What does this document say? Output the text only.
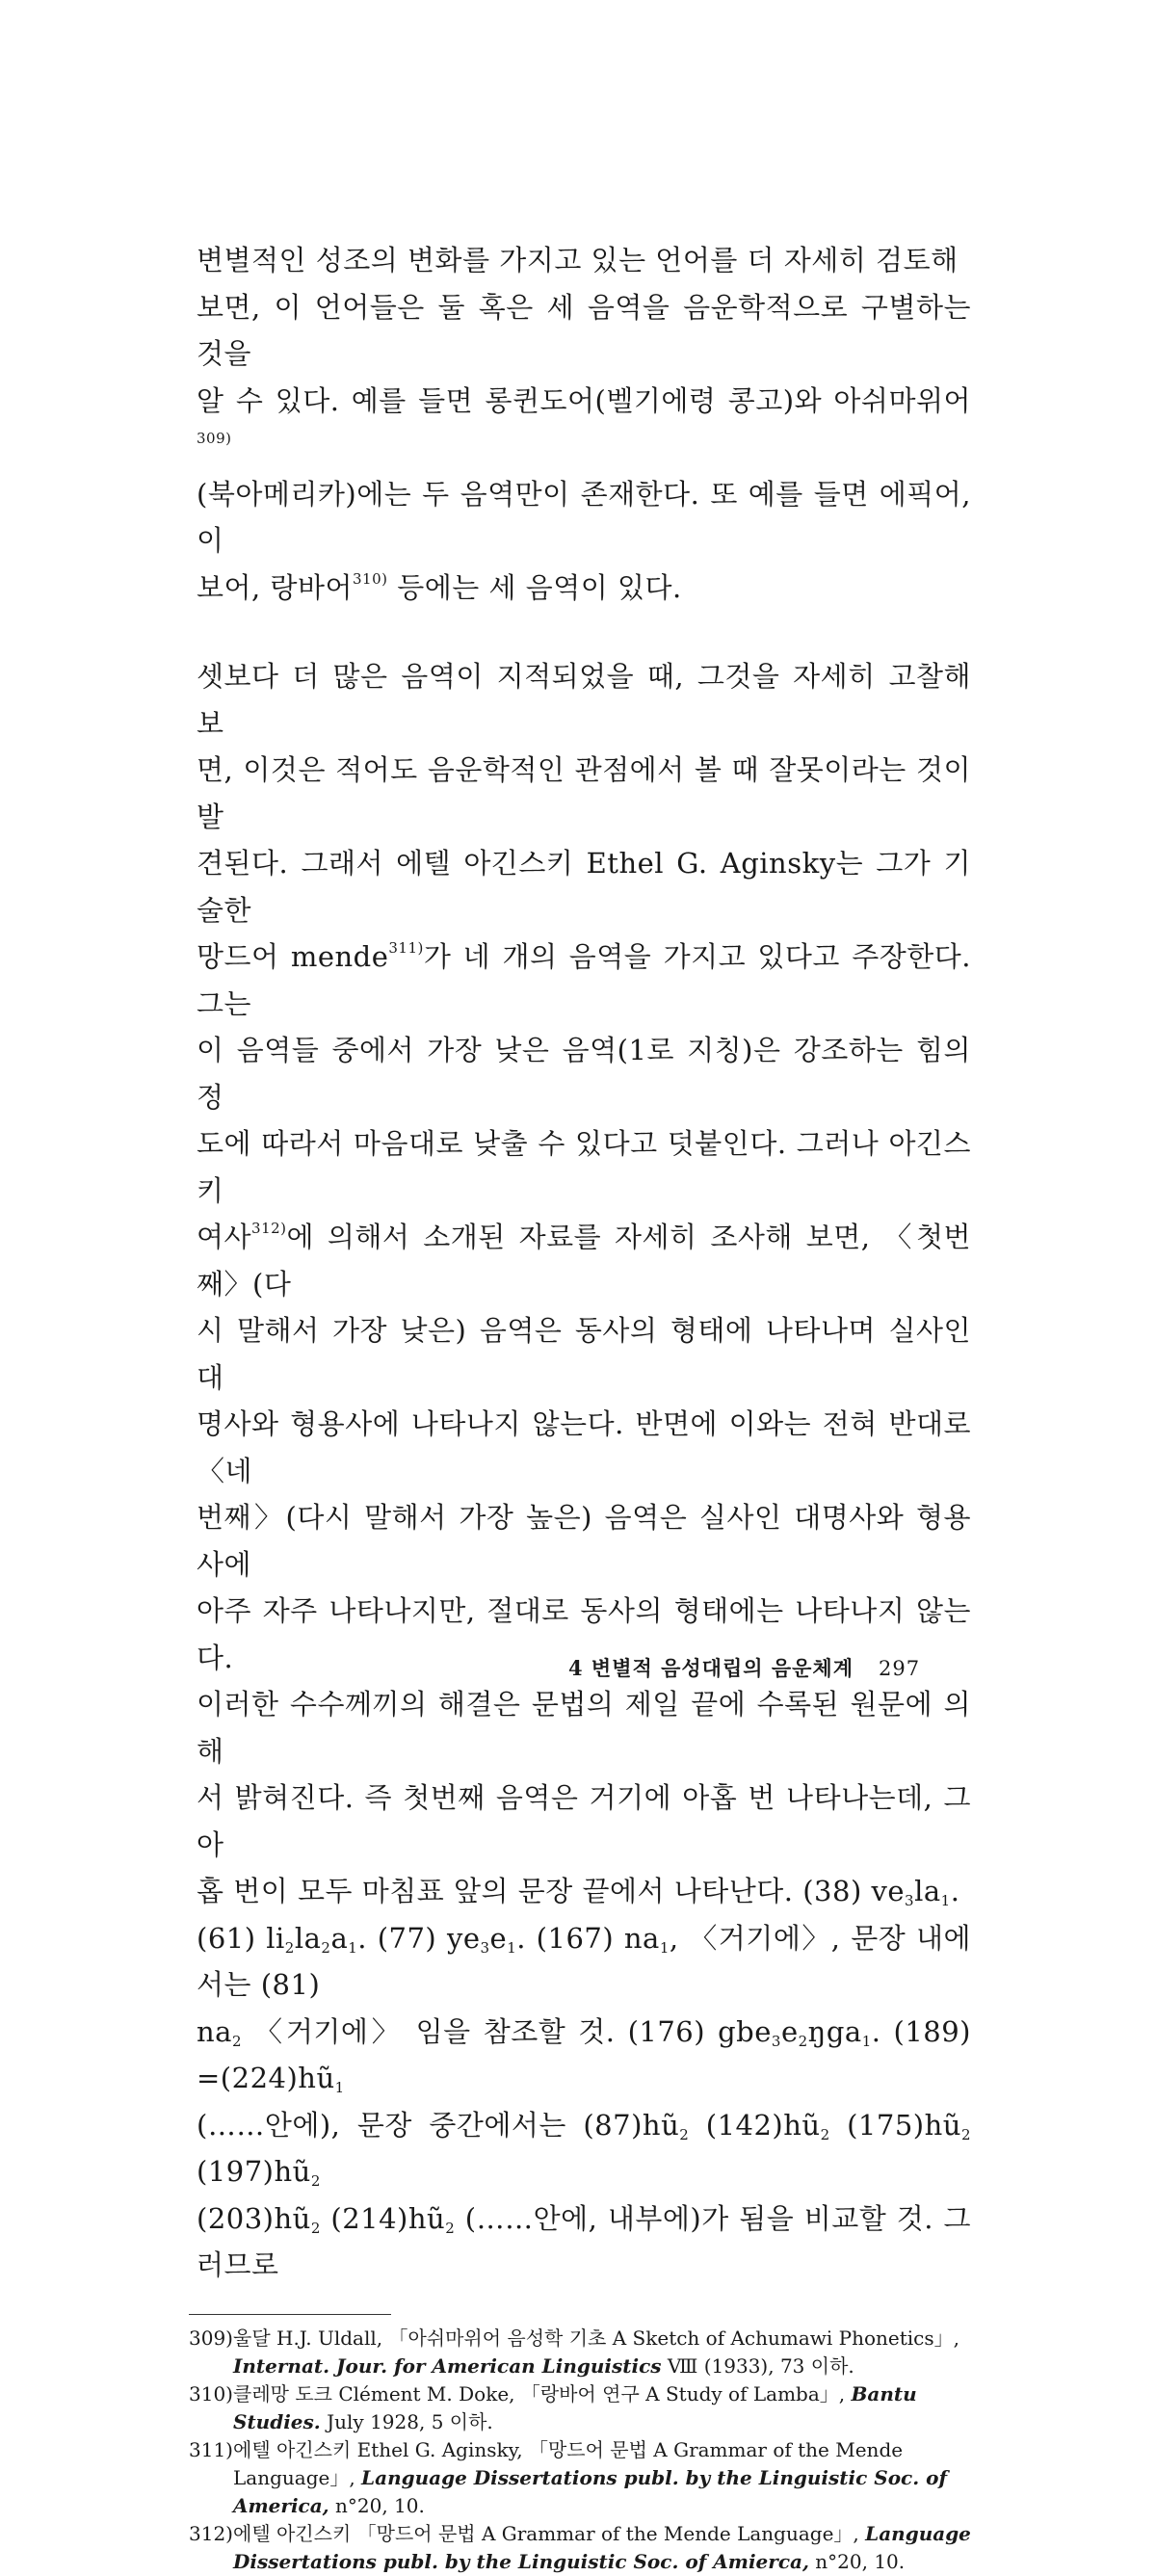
변별적인 성조의 변화를 가지고 있는 언어를 더 자세히 검토해
보면, 이 언어들은 둘 혹은 세 음역을 음운학적으로 구별하는 것을
알 수 있다. 예를 들면 롱퀸도어(벨기에령 콩고)와 아쉬마위어$^{309)}$
(북아메리카)에는 두 음역만이 존재한다. 또 예를 들면 에픽어, 이
보어, 랑바어$^{310)}$ 등에는 세 음역이 있다.

셋보다 더 많은 음역이 지적되었을 때, 그것을 자세히 고찰해 보
면, 이것은 적어도 음운학적인 관점에서 볼 때 잘못이라는 것이 발
견된다. 그래서 에텔 아긴스키 Ethel G. Aginsky는 그가 기술한
망드어 mende$^{311)}$가 네 개의 음역을 가지고 있다고 주장한다. 그는
이 음역들 중에서 가장 낮은 음역(1로 지칭)은 강조하는 힘의 정
도에 따라서 마음대로 낮출 수 있다고 덧붙인다. 그러나 아긴스키
여사$^{312)}$에 의해서 소개된 자료를 자세히 조사해 보면, 〈첫번째〉(다
시 말해서 가장 낮은) 음역은 동사의 형태에 나타나며 실사인 대
명사와 형용사에 나타나지 않는다. 반면에 이와는 전혀 반대로 〈네
번째〉(다시 말해서 가장 높은) 음역은 실사인 대명사와 형용사에
아주 자주 나타나지만, 절대로 동사의 형태에는 나타나지 않는다.
이러한 수수께끼의 해결은 문법의 제일 끝에 수록된 원문에 의해
서 밝혀진다. 즉 첫번째 음역은 거기에 아홉 번 나타나는데, 그 아
홉 번이 모두 마침표 앞의 문장 끝에서 나타난다. (38) $ve_3la_1$.
(61) $li_2la_2a_1$. (77) $ye_3e_1$. (167) $na_1$, 〈거기에〉, 문장 내에서는 (81)
$na_2$ 〈거기에〉 임을 참조할 것. (176) $gbe_3e_2ŋga_1$. $(189) =(224)hũ_1$
(……안에), 문장 중간에서는 $(87)hũ_2$ $(142)hũ_2$ $(175)hũ_2$ $(197)hũ_2$
$(203)hũ_2$ $(214)hũ_2$ (……안에, 내부에)가 됨을 비교할 것. 그러므로

309) 울달 H.J. Uldall, 「아쉬마위어 음성학 기초 A Sketch of Achumawi Phonetics」, Internat. Jour. for American Linguistics Ⅷ (1933), 73 이하.
310) 클레망 도크 Clément M. Doke, 「랑바어 연구 A Study of Lamba」, Bantu Studies. July 1928, 5 이하.
311) 에텔 아긴스키 Ethel G. Aginsky, 「망드어 문법 A Grammar of the Mende Language」, Language Dissertations publ. by the Linguistic Soc. of America, n°20, 10.
312) 에텔 아긴스키 「망드어 문법 A Grammar of the Mende Language」, Language Dissertations publ. by the Linguistic Soc. of Amierca, n°20, 10.
4 변별적 음성대립의 음운체계 297
